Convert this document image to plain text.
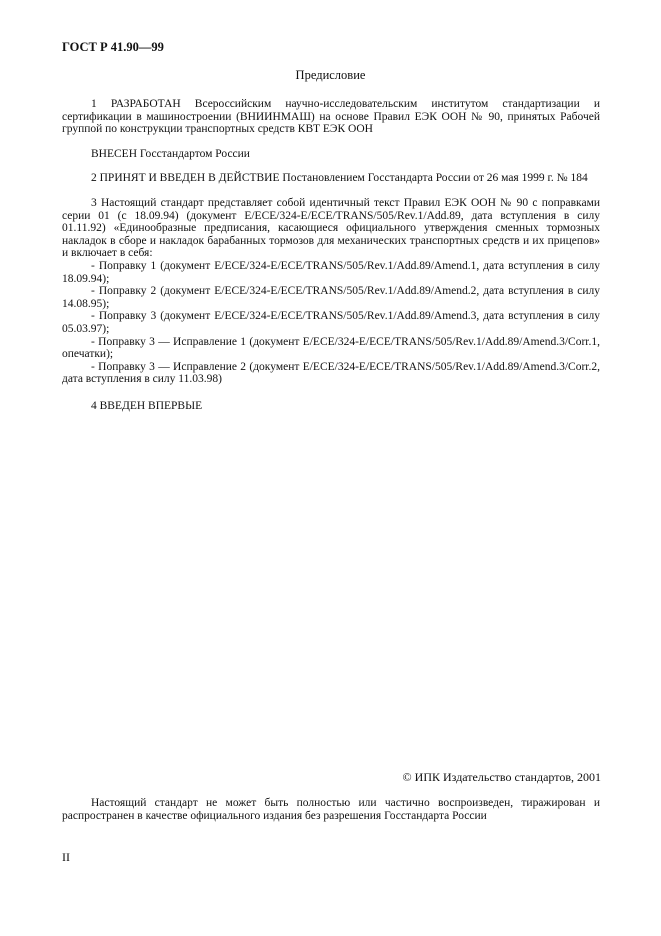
ГОСТ Р 41.90—99
Предисловие

1 РАЗРАБОТАН Всероссийским научно-исследовательским институтом стандартизации и сертификации в машиностроении (ВНИИНМАШ) на основе Правил ЕЭК ООН № 90, принятых Рабочей группой по конструкции транспортных средств КВТ ЕЭК ООН

ВНЕСЕН Госстандартом России

2 ПРИНЯТ И ВВЕДЕН В ДЕЙСТВИЕ Постановлением Госстандарта России от 26 мая 1999 г. № 184

3 Настоящий стандарт представляет собой идентичный текст Правил ЕЭК ООН № 90 с поправками серии 01 (с 18.09.94) (документ E/ECE/324-E/ECE/TRANS/505/Rev.1/Add.89, дата вступления в силу 01.11.92) «Единообразные предписания, касающиеся официального утверждения сменных тормозных накладок в сборе и накладок барабанных тормозов для механических транспортных средств и их прицепов» и включает в себя:

- Поправку 1 (документ E/ECE/324-E/ECE/TRANS/505/Rev.1/Add.89/Amend.1, дата вступления в силу 18.09.94);

- Поправку 2 (документ E/ECE/324-E/ECE/TRANS/505/Rev.1/Add.89/Amend.2, дата вступления в силу 14.08.95);

- Поправку 3 (документ E/ECE/324-E/ECE/TRANS/505/Rev.1/Add.89/Amend.3, дата вступления в силу 05.03.97);

- Поправку 3 — Исправление 1 (документ E/ECE/324-E/ECE/TRANS/505/Rev.1/Add.89/Amend.3/Corr.1, опечатки);

- Поправку 3 — Исправление 2 (документ E/ECE/324-E/ECE/TRANS/505/Rev.1/Add.89/Amend.3/Corr.2, дата вступления в силу 11.03.98)

4 ВВЕДЕН ВПЕРВЫЕ

© ИПК Издательство стандартов, 2001
Настоящий стандарт не может быть полностью или частично воспроизведен, тиражирован и распространен в качестве официального издания без разрешения Госстандарта России
II
